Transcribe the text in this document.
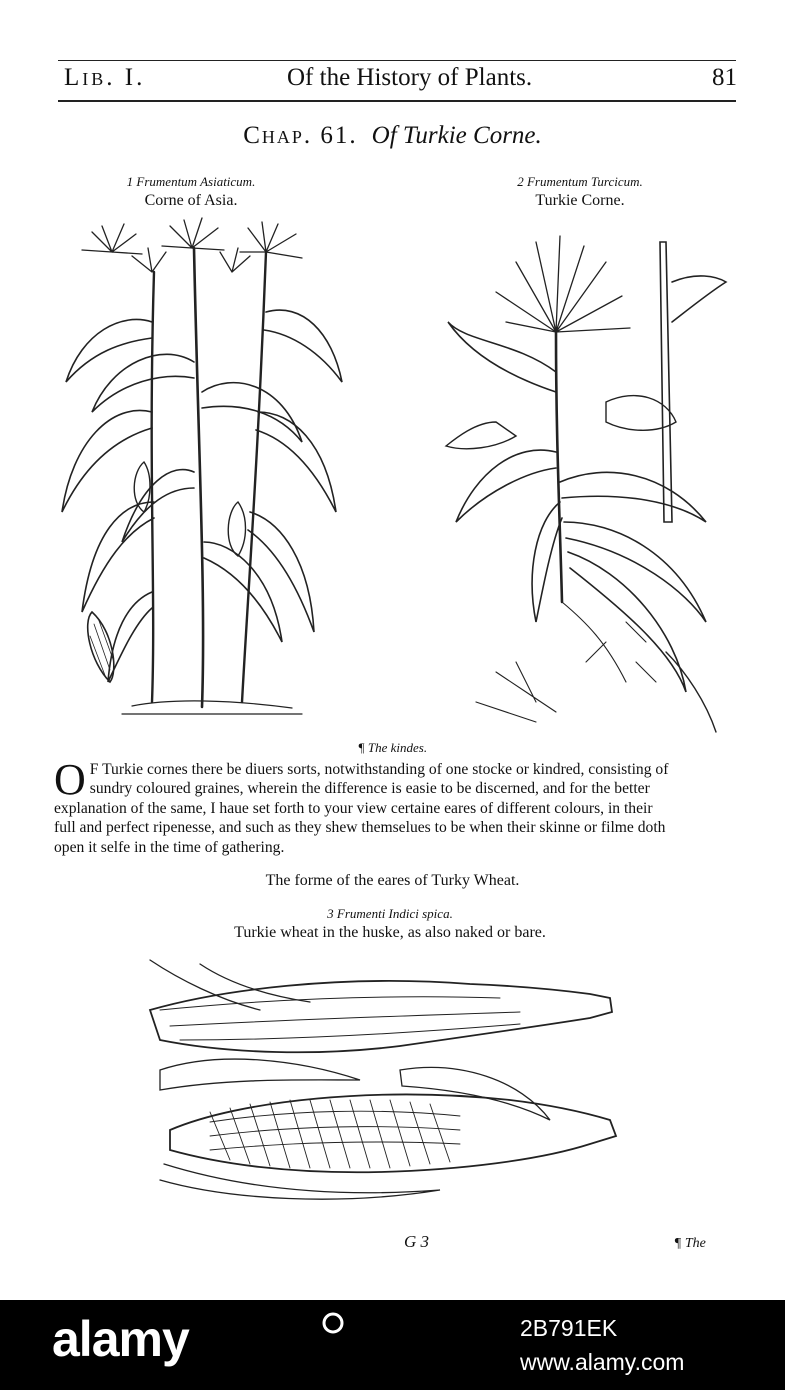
Lib. I.	Of the History of Plants.	81
Chap. 61. Of Turkie Corne.
1 Frumentum Asiaticum.
Corne of Asia.
2 Frumentum Turcicum.
Turkie Corne.
¶ The kindes.
O F Turkie cornes there be diuers sorts, notwithstanding of one stocke or kindred, consisting of
sundry coloured graines, wherein the difference is easie to be discerned, and for the better
explanation of the same, I haue set forth to your view certaine eares of different colours, in their
full and perfect ripenesse, and such as they shew themselues to be when their skinne or filme doth
open it selfe in the time of gathering.
The forme of the eares of Turky Wheat.
3 Frumenti Indici spica.
Turkie wheat in the huske, as also naked or bare.
G 3	¶ The
alamy	2B791EK
www.alamy.com
